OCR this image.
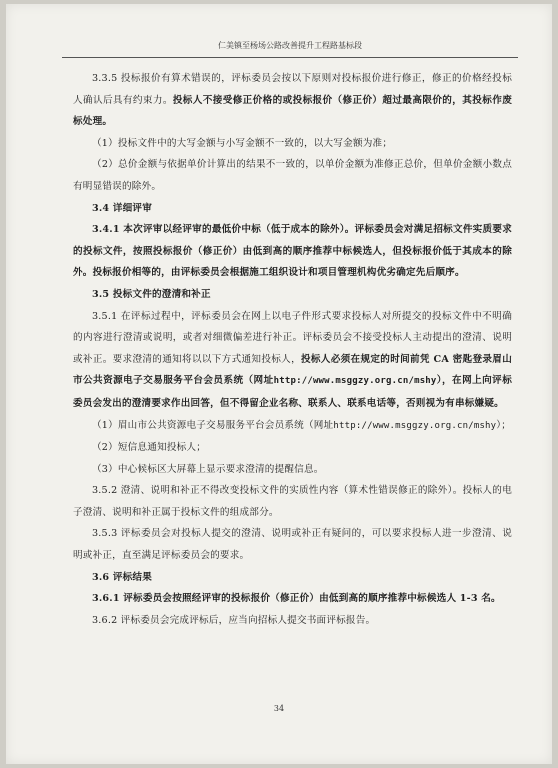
仁美镇至杨场公路改善提升工程路基标段

3.3.5 投标报价有算术错误的，评标委员会按以下原则对投标报价进行修正，修正的价格经投标人确认后具有约束力。投标人不接受修正价格的或投标报价（修正价）超过最高限价的，其投标作废标处理。

（1）投标文件中的大写金额与小写金额不一致的，以大写金额为准；

（2）总价金额与依据单价计算出的结果不一致的，以单价金额为准修正总价，但单价金额小数点有明显错误的除外。

3.4 详细评审

3.4.1 本次评审以经评审的最低价中标（低于成本的除外）。评标委员会对满足招标文件实质要求的投标文件，按照投标报价（修正价）由低到高的顺序推荐中标候选人，但投标报价低于其成本的除外。投标报价相等的，由评标委员会根据施工组织设计和项目管理机构优劣确定先后顺序。

3.5 投标文件的澄清和补正

3.5.1 在评标过程中，评标委员会在网上以电子件形式要求投标人对所提交的投标文件中不明确的内容进行澄清或说明，或者对细微偏差进行补正。评标委员会不接受投标人主动提出的澄清、说明或补正。要求澄清的通知将以以下方式通知投标人，投标人必须在规定的时间前凭 CA 密匙登录眉山市公共资源电子交易服务平台会员系统（网址http://www.msggzy.org.cn/mshy），在网上向评标委员会发出的澄清要求作出回答，但不得留企业名称、联系人、联系电话等，否则视为有串标嫌疑。

（1）眉山市公共资源电子交易服务平台会员系统（网址http://www.msggzy.org.cn/mshy）；

（2）短信息通知投标人；

（3）中心候标区大屏幕上显示要求澄清的提醒信息。

3.5.2 澄清、说明和补正不得改变投标文件的实质性内容（算术性错误修正的除外）。投标人的电子澄清、说明和补正属于投标文件的组成部分。

3.5.3 评标委员会对投标人提交的澄清、说明或补正有疑问的，可以要求投标人进一步澄清、说明或补正，直至满足评标委员会的要求。

3.6 评标结果

3.6.1 评标委员会按照经评审的投标报价（修正价）由低到高的顺序推荐中标候选人 1-3 名。

3.6.2 评标委员会完成评标后，应当向招标人提交书面评标报告。

34
